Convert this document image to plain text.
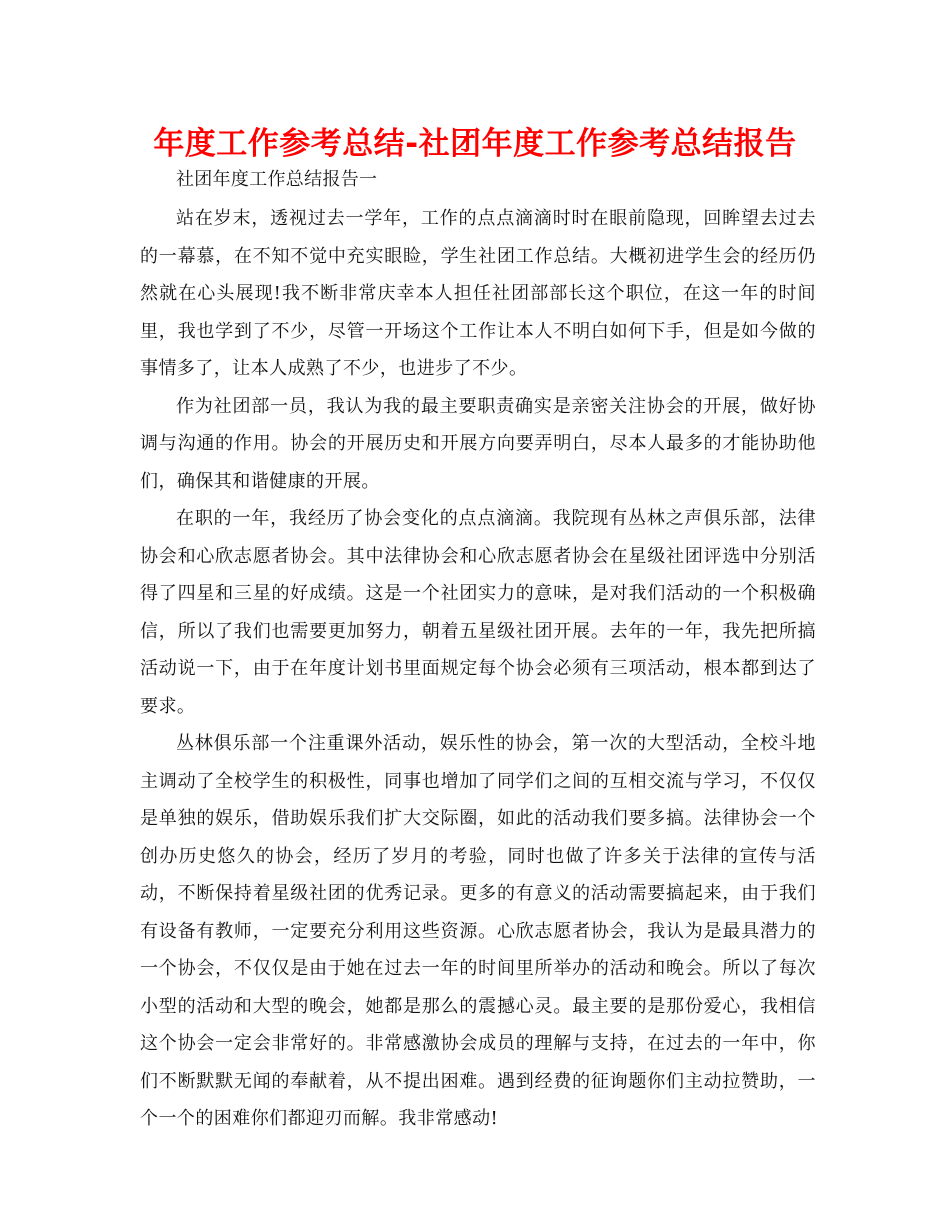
年度工作参考总结-社团年度工作参考总结报告

社团年度工作总结报告一

站在岁末，透视过去一学年，工作的点点滴滴时时在眼前隐现，回眸望去过去的一幕慕，在不知不觉中充实眼睑，学生社团工作总结。大概初进学生会的经历仍然就在心头展现!我不断非常庆幸本人担任社团部部长这个职位，在这一年的时间里，我也学到了不少，尽管一开场这个工作让本人不明白如何下手，但是如今做的事情多了，让本人成熟了不少，也进步了不少。

作为社团部一员，我认为我的最主要职责确实是亲密关注协会的开展，做好协调与沟通的作用。协会的开展历史和开展方向要弄明白，尽本人最多的才能协助他们，确保其和谐健康的开展。

在职的一年，我经历了协会变化的点点滴滴。我院现有丛林之声俱乐部，法律协会和心欣志愿者协会。其中法律协会和心欣志愿者协会在星级社团评选中分别活得了四星和三星的好成绩。这是一个社团实力的意味，是对我们活动的一个积极确信，所以了我们也需要更加努力，朝着五星级社团开展。去年的一年，我先把所搞活动说一下，由于在年度计划书里面规定每个协会必须有三项活动，根本都到达了要求。

丛林俱乐部一个注重课外活动，娱乐性的协会，第一次的大型活动，全校斗地主调动了全校学生的积极性，同事也增加了同学们之间的互相交流与学习，不仅仅是单独的娱乐，借助娱乐我们扩大交际圈，如此的活动我们要多搞。法律协会一个创办历史悠久的协会，经历了岁月的考验，同时也做了许多关于法律的宣传与活动，不断保持着星级社团的优秀记录。更多的有意义的活动需要搞起来，由于我们有设备有教师，一定要充分利用这些资源。心欣志愿者协会，我认为是最具潜力的一个协会，不仅仅是由于她在过去一年的时间里所举办的活动和晚会。所以了每次小型的活动和大型的晚会，她都是那么的震撼心灵。最主要的是那份爱心，我相信这个协会一定会非常好的。非常感激协会成员的理解与支持，在过去的一年中，你们不断默默无闻的奉献着，从不提出困难。遇到经费的征询题你们主动拉赞助，一个一个的困难你们都迎刃而解。我非常感动!
